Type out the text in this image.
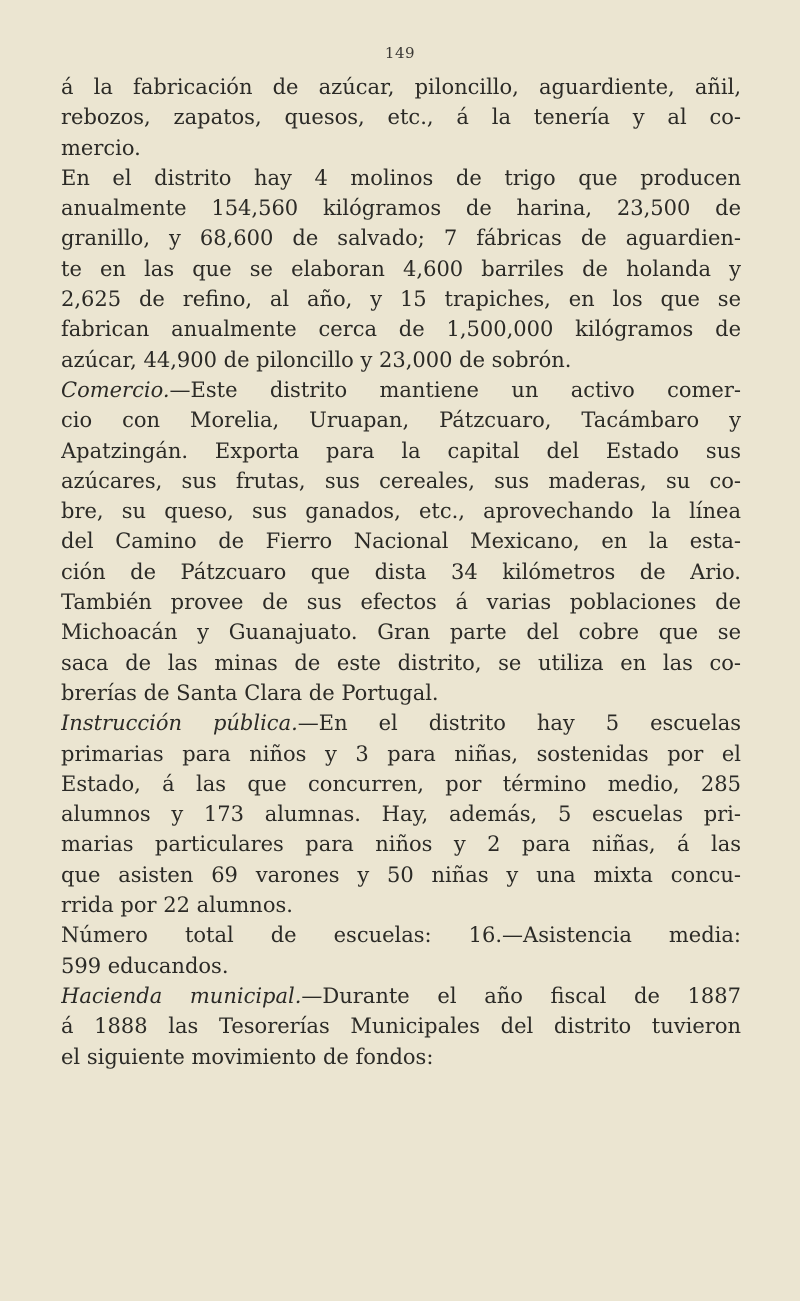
149
á la fabricación de azúcar, piloncillo, aguardiente, añil,
rebozos, zapatos, quesos, etc., á la tenería y al co-
mercio.
En el distrito hay 4 molinos de trigo que producen
anualmente 154,560 kilógramos de harina, 23,500 de
granillo, y 68,600 de salvado; 7 fábricas de aguardien-
te en las que se elaboran 4,600 barriles de holanda y
2,625 de refino, al año, y 15 trapiches, en los que se
fabrican anualmente cerca de 1,500,000 kilógramos de
azúcar, 44,900 de piloncillo y 23,000 de sobrón.
Comercio.—Este distrito mantiene un activo comer-
cio con Morelia, Uruapan, Pátzcuaro, Tacámbaro y
Apatzingán. Exporta para la capital del Estado sus
azúcares, sus frutas, sus cereales, sus maderas, su co-
bre, su queso, sus ganados, etc., aprovechando la línea
del Camino de Fierro Nacional Mexicano, en la esta-
ción de Pátzcuaro que dista 34 kilómetros de Ario.
También provee de sus efectos á varias poblaciones de
Michoacán y Guanajuato. Gran parte del cobre que se
saca de las minas de este distrito, se utiliza en las co-
brerías de Santa Clara de Portugal.
Instrucción pública.—En el distrito hay 5 escuelas
primarias para niños y 3 para niñas, sostenidas por el
Estado, á las que concurren, por término medio, 285
alumnos y 173 alumnas. Hay, además, 5 escuelas pri-
marias particulares para niños y 2 para niñas, á las
que asisten 69 varones y 50 niñas y una mixta concu-
rrida por 22 alumnos.
Número total de escuelas: 16.—Asistencia media:
599 educandos.
Hacienda municipal.—Durante el año fiscal de 1887
á 1888 las Tesorerías Municipales del distrito tuvieron
el siguiente movimiento de fondos:
